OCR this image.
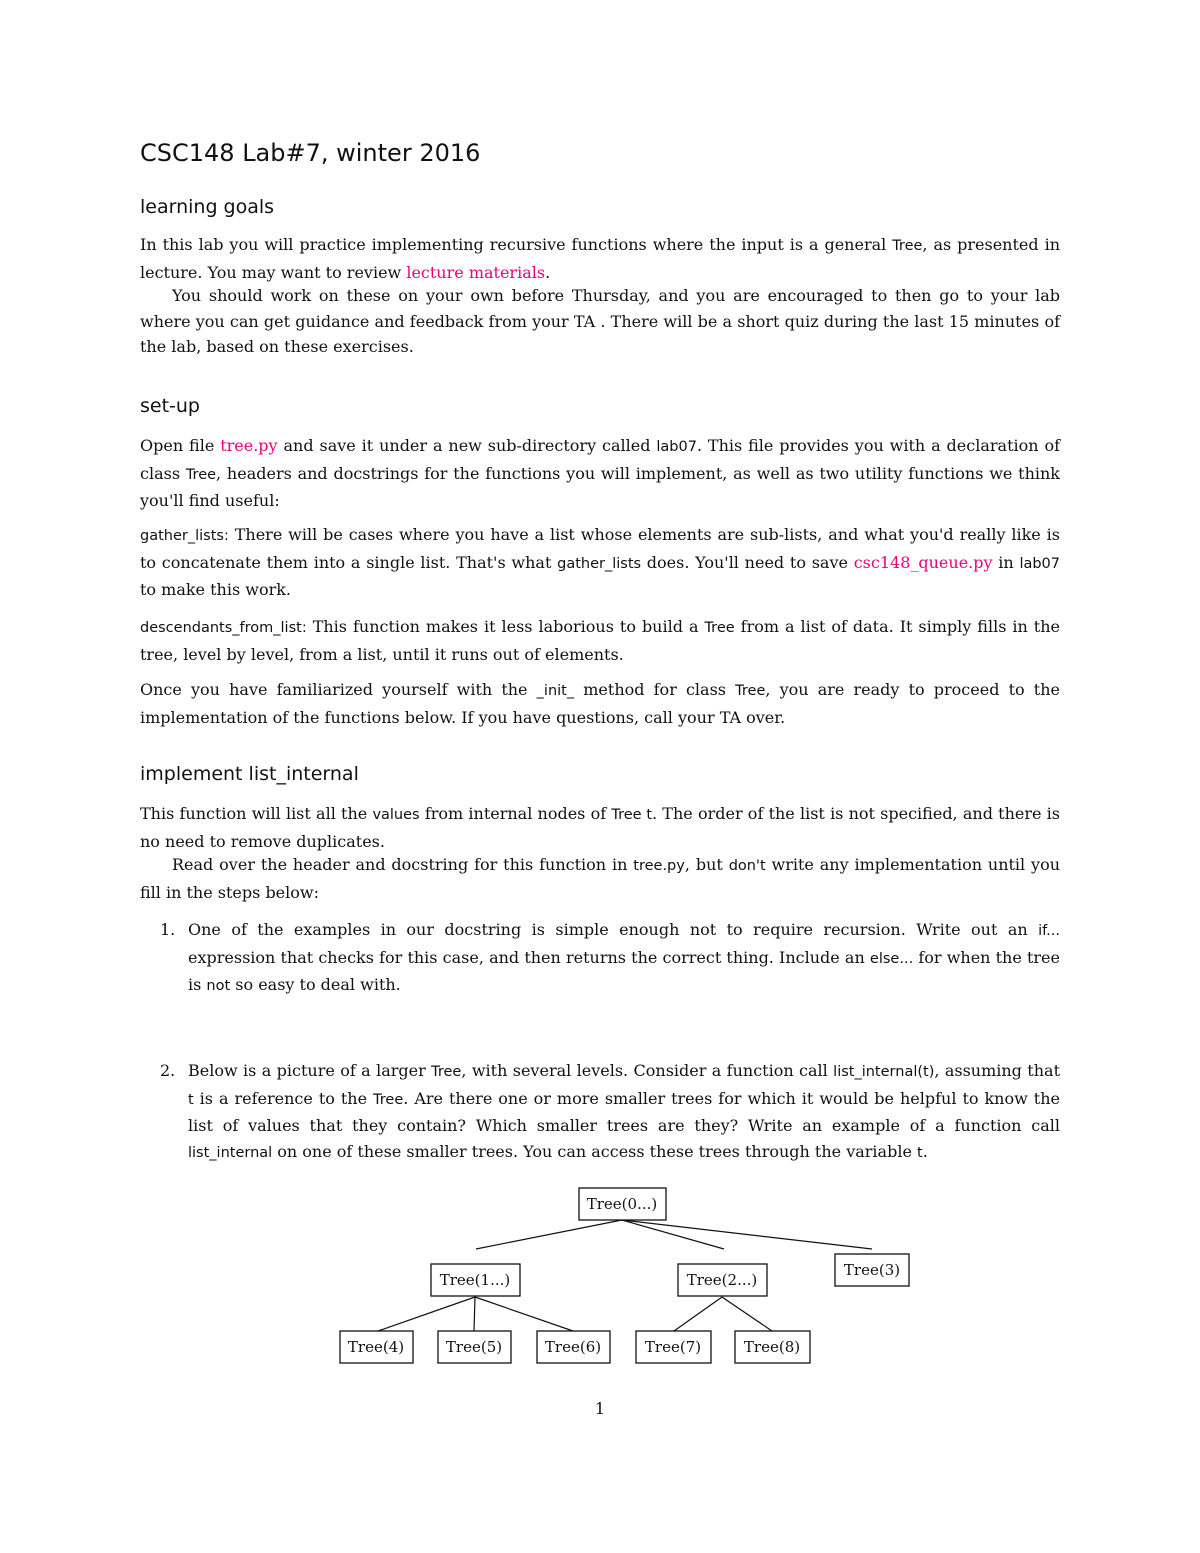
CSC148 Lab#7, winter 2016
learning goals

In this lab you will practice implementing recursive functions where the input is a general Tree, as presented in lecture. You may want to review lecture materials.

You should work on these on your own before Thursday, and you are encouraged to then go to your lab where you can get guidance and feedback from your TA . There will be a short quiz during the last 15 minutes of the lab, based on these exercises.

set-up

Open file tree.py and save it under a new sub-directory called lab07. This file provides you with a declaration of class Tree, headers and docstrings for the functions you will implement, as well as two utility functions we think you'll find useful:

gather_lists: There will be cases where you have a list whose elements are sub-lists, and what you'd really like is to concatenate them into a single list. That's what gather_lists does. You'll need to save csc148_queue.py in lab07 to make this work.

descendants_from_list: This function makes it less laborious to build a Tree from a list of data. It simply fills in the tree, level by level, from a list, until it runs out of elements.

Once you have familiarized yourself with the _init_ method for class Tree, you are ready to proceed to the implementation of the functions below. If you have questions, call your TA over.

implement list_internal

This function will list all the values from internal nodes of Tree t. The order of the list is not specified, and there is no need to remove duplicates.

Read over the header and docstring for this function in tree.py, but don't write any implementation until you fill in the steps below:

1. One of the examples in our docstring is simple enough not to require recursion. Write out an if... expression that checks for this case, and then returns the correct thing. Include an else... for when the tree is not so easy to deal with.

2. Below is a picture of a larger Tree, with several levels. Consider a function call list_internal(t), assuming that t is a reference to the Tree. Are there one or more smaller trees for which it would be helpful to know the list of values that they contain? Which smaller trees are they? Write an example of a function call list_internal on one of these smaller trees. You can access these trees through the variable t.

Tree(0...)
Tree(1...)	Tree(2...)
Tree(3)
Tree(4)	Tree(5)	Tree(6)	Tree(7)	Tree(8)

1
